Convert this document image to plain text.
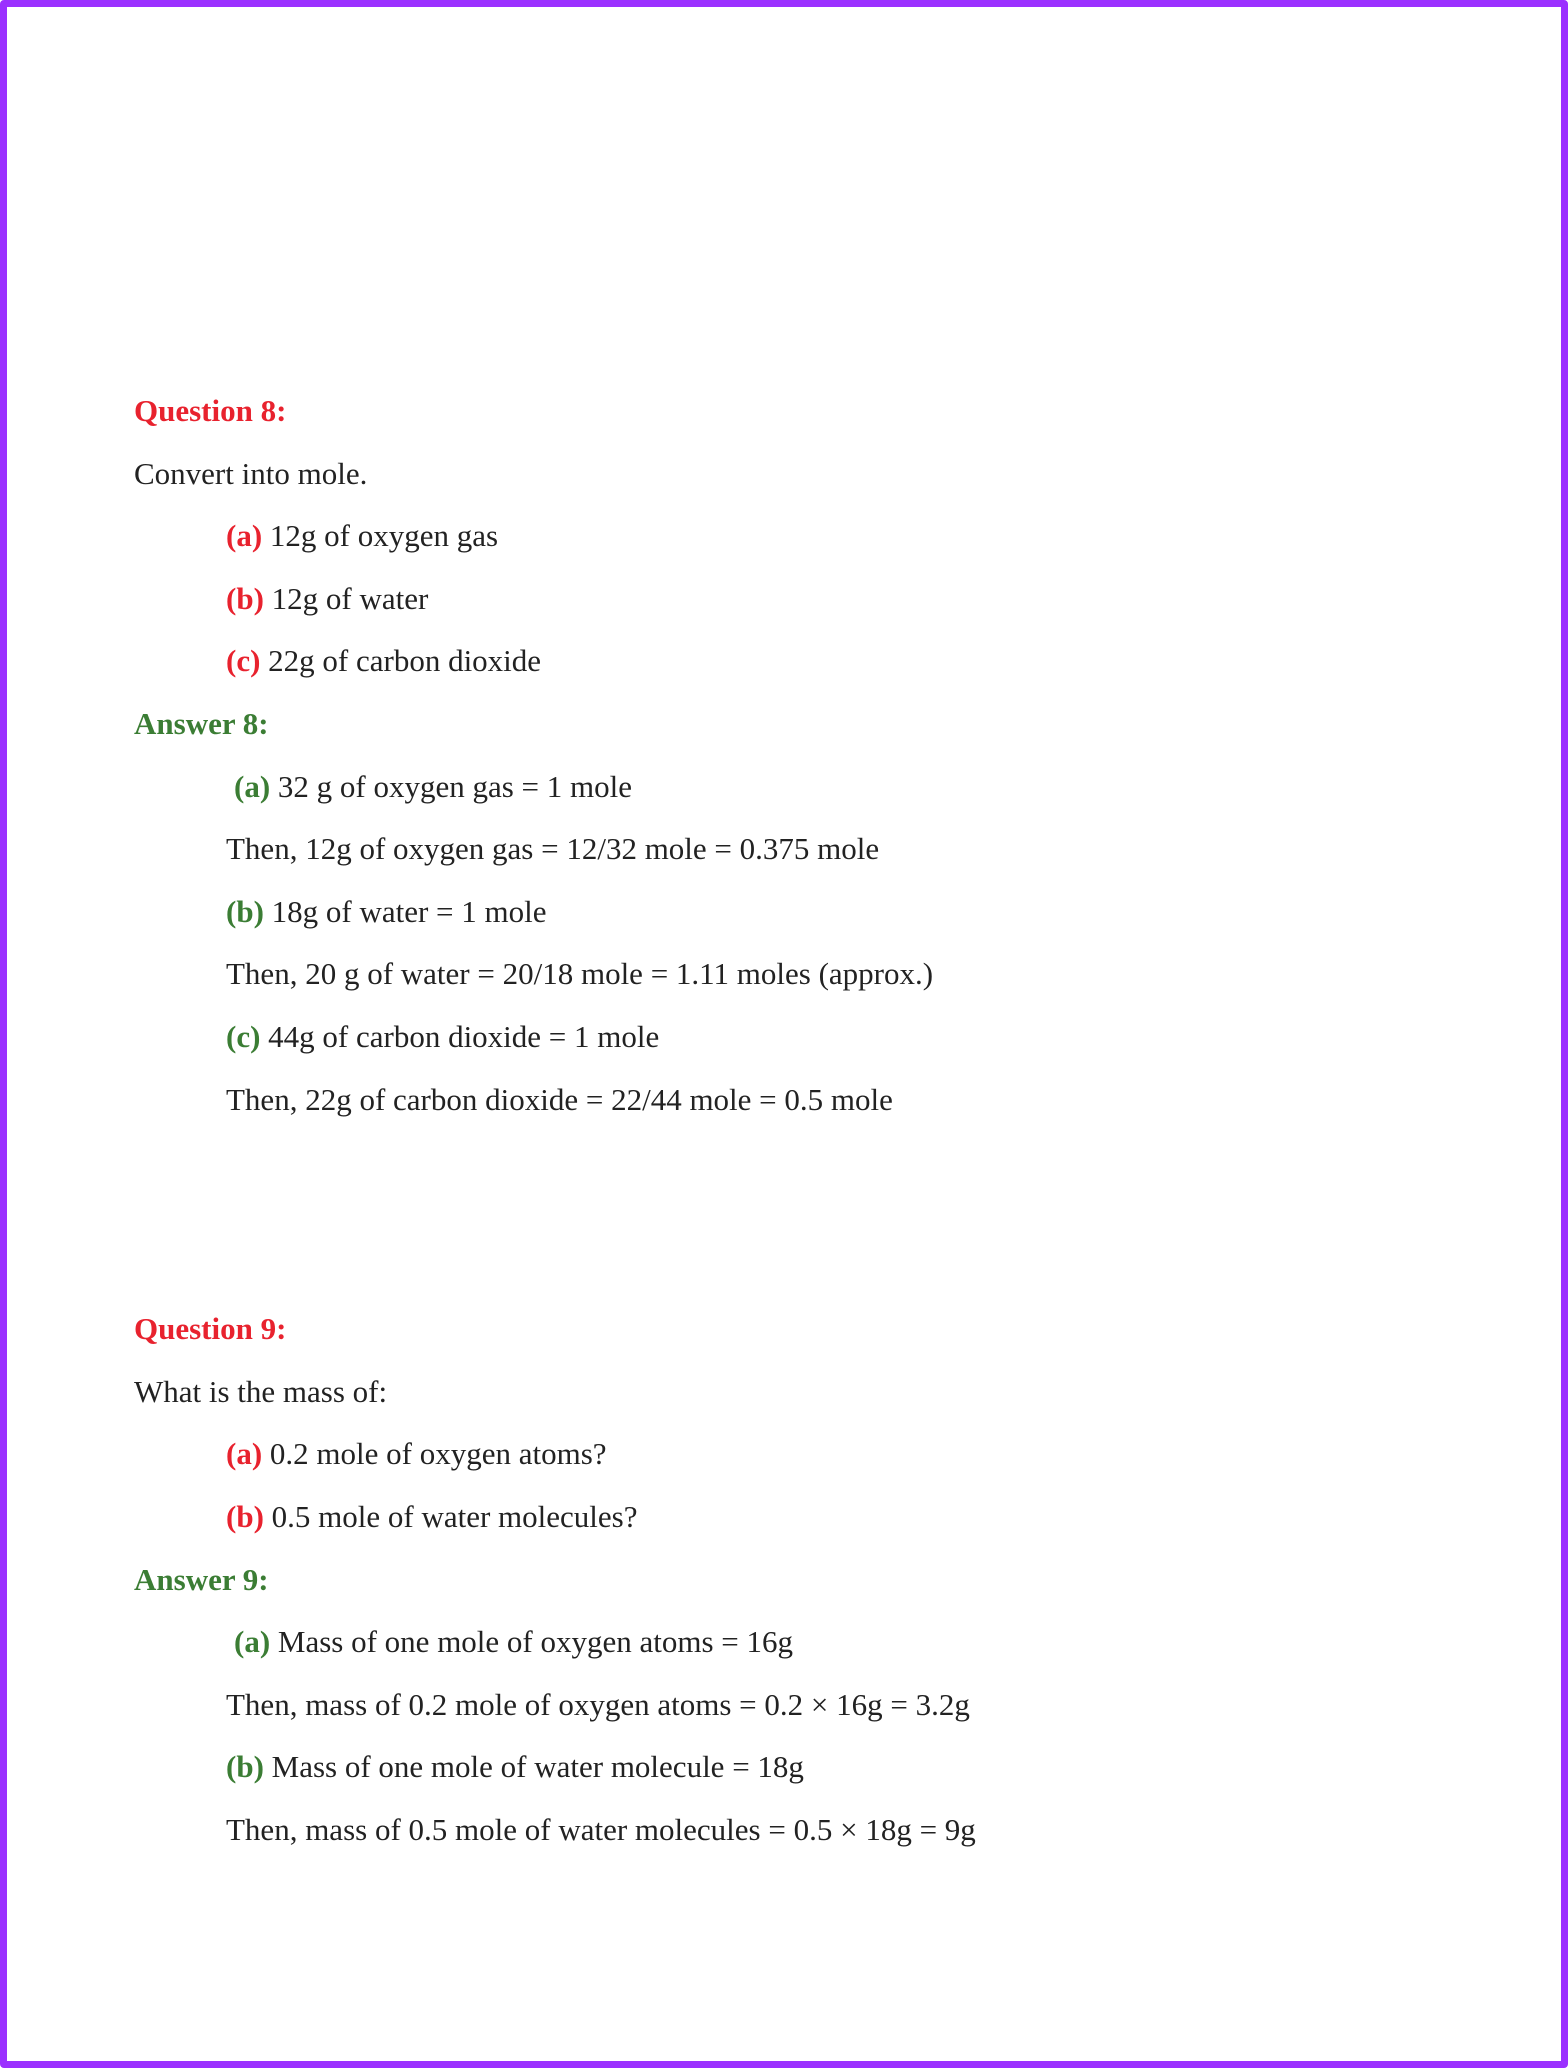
Question 8:
Convert into mole.
(a) 12g of oxygen gas
(b) 12g of water
(c) 22g of carbon dioxide
Answer 8:
(a) 32 g of oxygen gas = 1 mole
Then, 12g of oxygen gas = 12/32 mole = 0.375 mole
(b) 18g of water = 1 mole
Then, 20 g of water = 20/18 mole = 1.11 moles (approx.)
(c) 44g of carbon dioxide = 1 mole
Then, 22g of carbon dioxide = 22/44 mole = 0.5 mole
Question 9:
What is the mass of:
(a) 0.2 mole of oxygen atoms?
(b) 0.5 mole of water molecules?
Answer 9:
(a) Mass of one mole of oxygen atoms = 16g
Then, mass of 0.2 mole of oxygen atoms = 0.2 × 16g = 3.2g
(b) Mass of one mole of water molecule = 18g
Then, mass of 0.5 mole of water molecules = 0.5 × 18g = 9g
